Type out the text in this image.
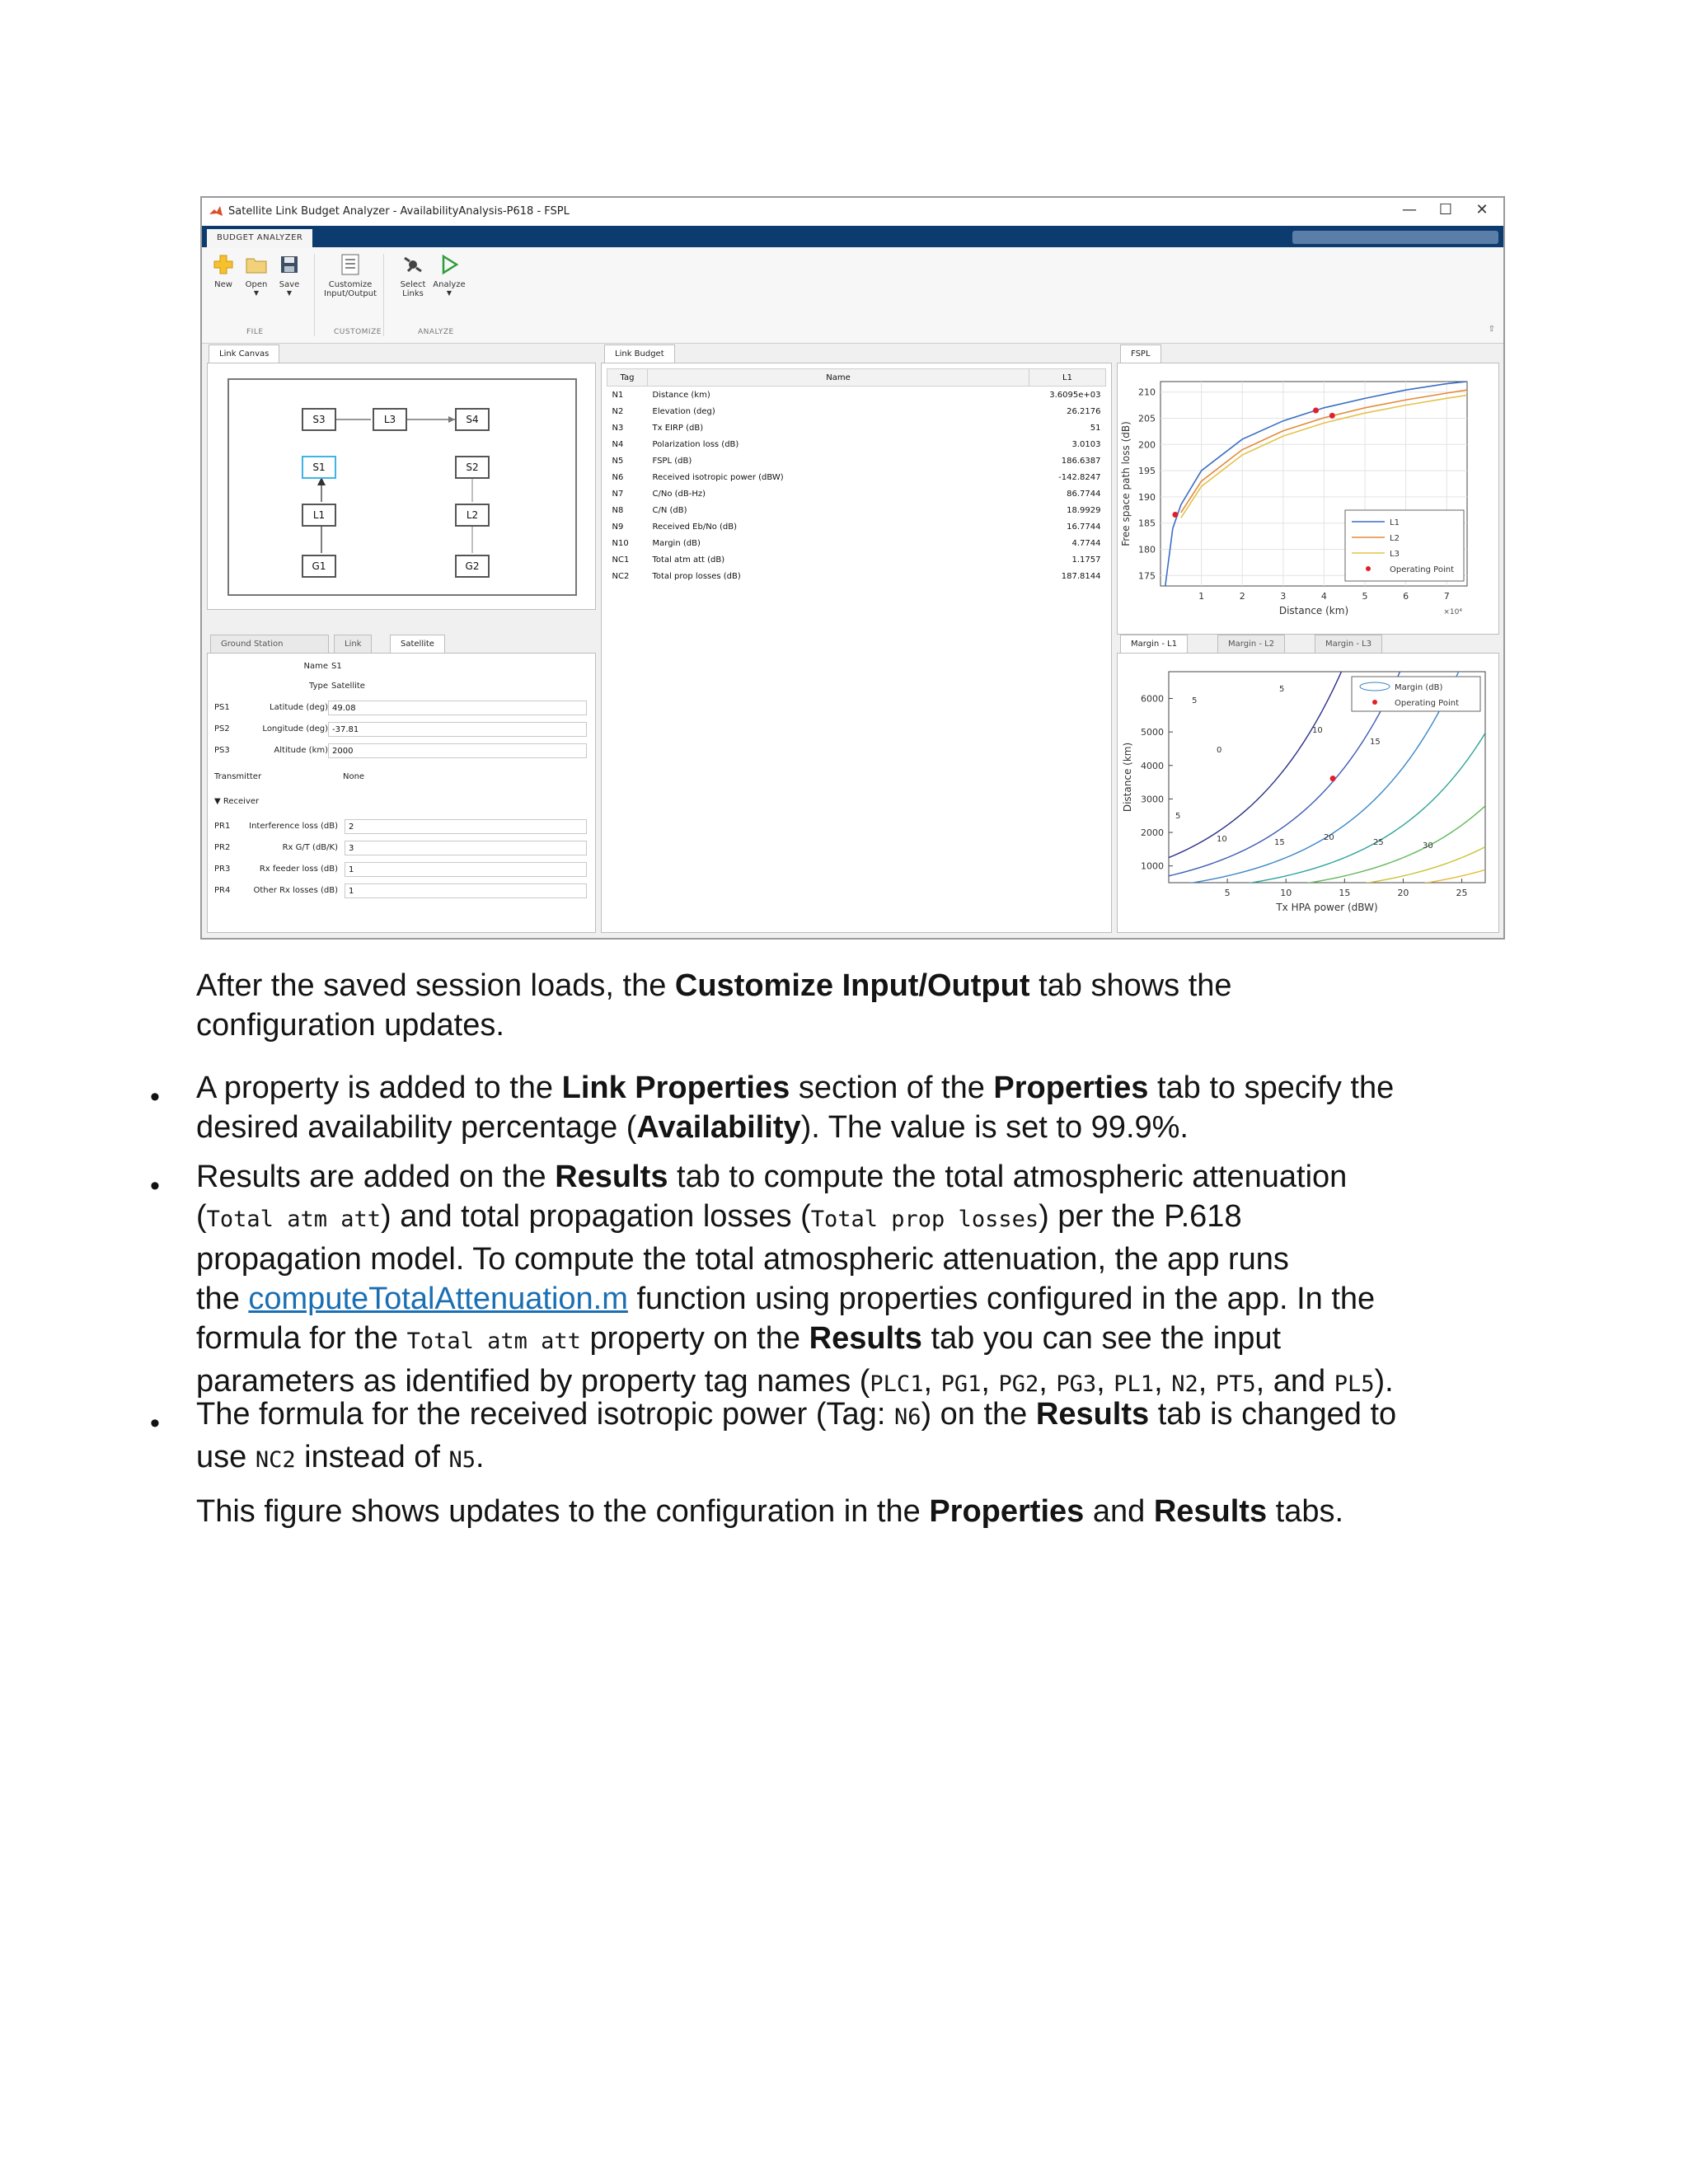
Satellite Link Budget Analyzer - AvailabilityAnalysis-P618 - FSPL	—	☐	✕
BUDGET ANALYZER
New	Open
▼
Save
▼
Customize Input/Output
Select Links
Analyze
▼
FILE	CUSTOMIZE	ANALYZE	⇧
Link Canvas
S3	L3	S4
S1	S2
L1	L2
G1	G2
Ground Station	Link	Satellite
Name S1
Type Satellite
PS1	Latitude (deg) 49.08
PS2	Longitude (deg) -37.81
PS3	Altitude (km) 2000
Transmitter	None
▼ Receiver
PR1	Interference loss (dB)	2
PR2	Rx G/T (dB/K)	3
PR3	Rx feeder loss (dB)	1
PR4	Other Rx losses (dB)	1
Link Budget
Tag	Name	L1
N1	Distance (km)	3.6095e+03
N2	Elevation (deg)	26.2176
N3	Tx EIRP (dB)	51
N4	Polarization loss (dB)	3.0103
N5	FSPL (dB)	186.6387
N6	Received isotropic power (dBW)	-142.8247
N7	C/No (dB-Hz)	86.7744
N8	C/N (dB)	18.9929
N9	Received Eb/No (dB)	16.7744
N10	Margin (dB)	4.7744
NC1	Total atm att (dB)	1.1757
NC2	Total prop losses (dB)	187.8144
FSPL
210
205
200
195
190
185
180
175
1	2	3	4	5	6	7
Distance (km)	×10⁴
Free space path loss (dB)	L1
L2
L3
Operating Point
Margin - L1	Margin - L2	Margin - L3
6000
5000
4000
3000
2000
1000
5	10	15	20	25
Tx HPA power (dBW)
Distance (km)
5
5
10
15
0
5
10	15
20
25	30
Margin (dB)
Operating Point
After the saved session loads, the Customize Input/Output tab shows the
configuration updates.
• A property is added to the Link Properties section of the Properties tab to specify the
desired availability percentage (Availability). The value is set to 99.9%.
• Results are added on the Results tab to compute the total atmospheric attenuation
(Total atm att) and total propagation losses (Total prop losses) per the P.618
propagation model. To compute the total atmospheric attenuation, the app runs
the computeTotalAttenuation.m function using properties configured in the app. In the
formula for the Total atm att property on the Results tab you can see the input
parameters as identified by property tag names (PLC1, PG1, PG2, PG3, PL1, N2, PT5, and PL5).
• The formula for the received isotropic power (Tag: N6) on the Results tab is changed to
use NC2 instead of N5.
This figure shows updates to the configuration in the Properties and Results tabs.
